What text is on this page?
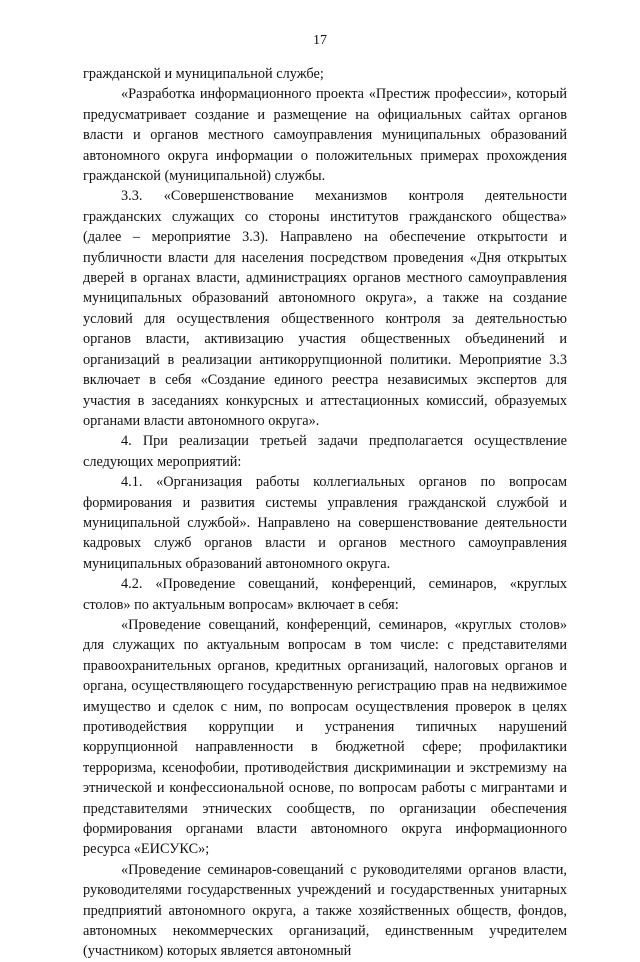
17

гражданской и муниципальной службе;

«Разработка информационного проекта «Престиж профессии», который предусматривает создание и размещение на официальных сайтах органов власти и органов местного самоуправления муниципальных образований автономного округа информации о положительных примерах прохождения гражданской (муниципальной) службы.

3.3. «Совершенствование механизмов контроля деятельности гражданских служащих со стороны институтов гражданского общества» (далее – мероприятие 3.3). Направлено на обеспечение открытости и публичности власти для населения посредством проведения «Дня открытых дверей в органах власти, администрациях органов местного самоуправления муниципальных образований автономного округа», а также на создание условий для осуществления общественного контроля за деятельностью органов власти, активизацию участия общественных объединений и организаций в реализации антикоррупционной политики. Мероприятие 3.3 включает в себя «Создание единого реестра независимых экспертов для участия в заседаниях конкурсных и аттестационных комиссий, образуемых органами власти автономного округа».

4. При реализации третьей задачи предполагается осуществление следующих мероприятий:

4.1. «Организация работы коллегиальных органов по вопросам формирования и развития системы управления гражданской службой и муниципальной службой». Направлено на совершенствование деятельности кадровых служб органов власти и органов местного самоуправления муниципальных образований автономного округа.

4.2. «Проведение совещаний, конференций, семинаров, «круглых столов» по актуальным вопросам» включает в себя:

«Проведение совещаний, конференций, семинаров, «круглых столов» для служащих по актуальным вопросам в том числе: с представителями правоохранительных органов, кредитных организаций, налоговых органов и органа, осуществляющего государственную регистрацию прав на недвижимое имущество и сделок с ним, по вопросам осуществления проверок в целях противодействия коррупции и устранения типичных нарушений коррупционной направленности в бюджетной сфере; профилактики терроризма, ксенофобии, противодействия дискриминации и экстремизму на этнической и конфессиональной основе, по вопросам работы с мигрантами и представителями этнических сообществ, по организации обеспечения формирования органами власти автономного округа информационного ресурса «ЕИСУКС»;

«Проведение семинаров-совещаний с руководителями органов власти, руководителями государственных учреждений и государственных унитарных предприятий автономного округа, а также хозяйственных обществ, фондов, автономных некоммерческих организаций, единственным учредителем (участником) которых является автономный
